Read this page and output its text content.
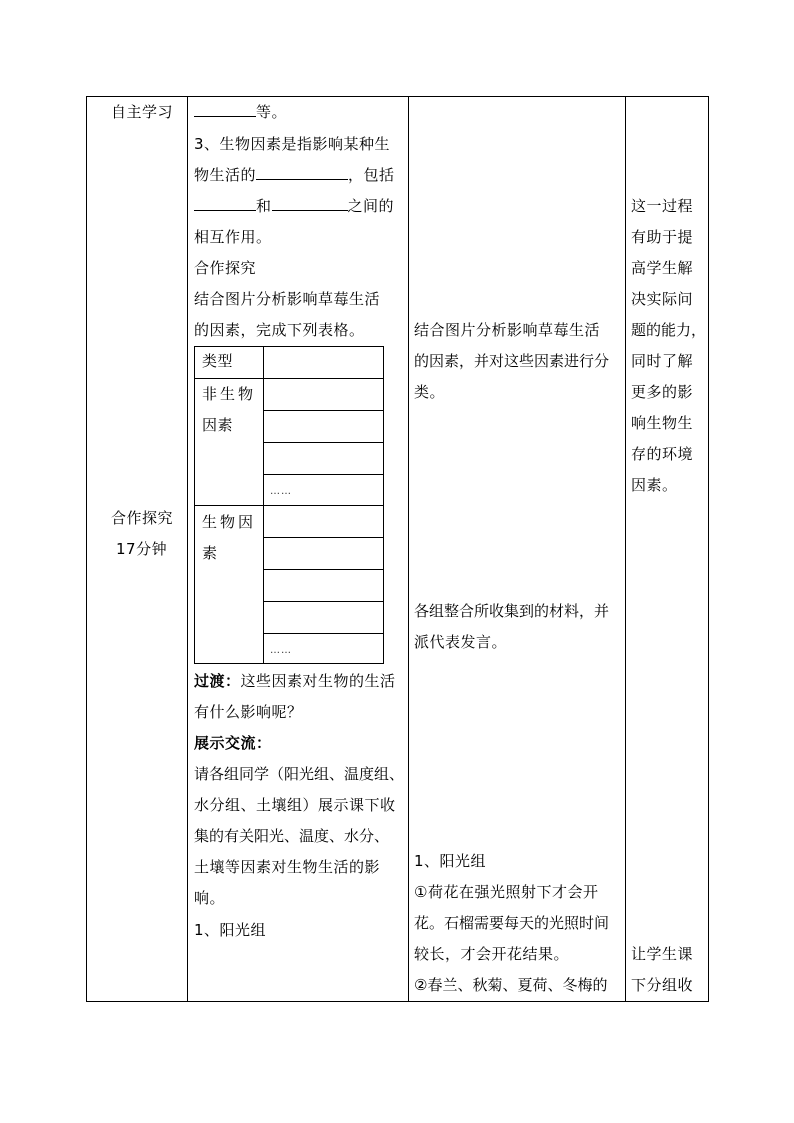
自主学习
合作探究
17分钟
等。
3、生物因素是指影响某种生
物生活的	，包括
和	之间的
相互作用。
合作探究
结合图片分析影响草莓生活
的因素，完成下列表格。
类型
非生物
因素
生物因
素
……
……
过渡：这些因素对生物的生活
有什么影响呢？
展示交流：
请各组同学（阳光组、温度组、
水分组、土壤组）展示课下收
集的有关阳光、温度、水分、
土壤等因素对生物生活的影
响。
1、阳光组
结合图片分析影响草莓生活
的因素，并对这些因素进行分
类。
各组整合所收集到的材料，并
派代表发言。
1、阳光组
①荷花在强光照射下才会开
花。石榴需要每天的光照时间
较长，才会开花结果。
②春兰、秋菊、夏荷、冬梅的
这一过程
有助于提
高学生解
决实际问
题的能力，
同时了解
更多的影
响生物生
存的环境
因素。
让学生课
下分组收
